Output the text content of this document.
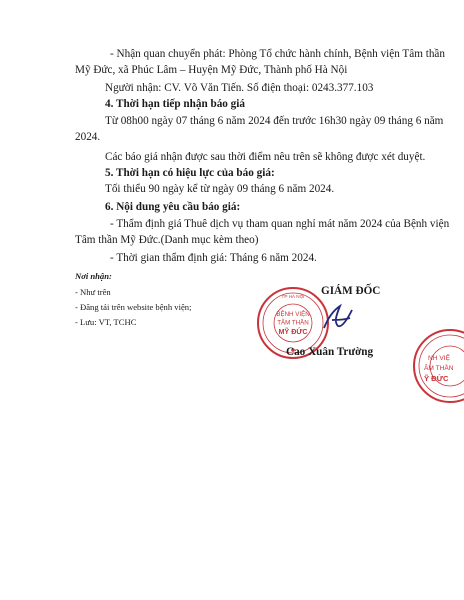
- Nhận quan chuyển phát: Phòng Tổ chức hành chính, Bệnh viện Tâm thần
Mỹ Đức, xã Phúc Lâm – Huyện Mỹ Đức, Thành phố Hà Nội
Người nhận: CV. Võ Văn Tiến. Số điện thoại: 0243.377.103
4. Thời hạn tiếp nhận báo giá
Từ 08h00 ngày 07 tháng 6 năm 2024 đến trước 16h30 ngày 09 tháng 6 năm
2024.
Các báo giá nhận được sau thời điểm nêu trên sẽ không được xét duyệt.
5. Thời hạn có hiệu lực của báo giá:
Tối thiểu 90 ngày kể từ ngày 09 tháng 6 năm 2024.
6. Nội dung yêu cầu báo giá:
- Thẩm định giá Thuê dịch vụ tham quan nghỉ mát năm 2024 của Bệnh viện
Tâm thần Mỹ Đức.(Danh mục kèm theo)
- Thời gian thẩm định giá: Tháng 6 năm 2024.
Nơi nhận:
- Như trên
- Đăng tải trên website bệnh viện;
- Lưu: VT, TCHC
GIÁM ĐỐC
BỆNH VIỆN
TÂM THẦN
MỸ ĐỨC
TP HÀ NỘI
Cao Xuân Trường
NH VIỆ
ÂM THẦN
Ỹ ĐỨC
